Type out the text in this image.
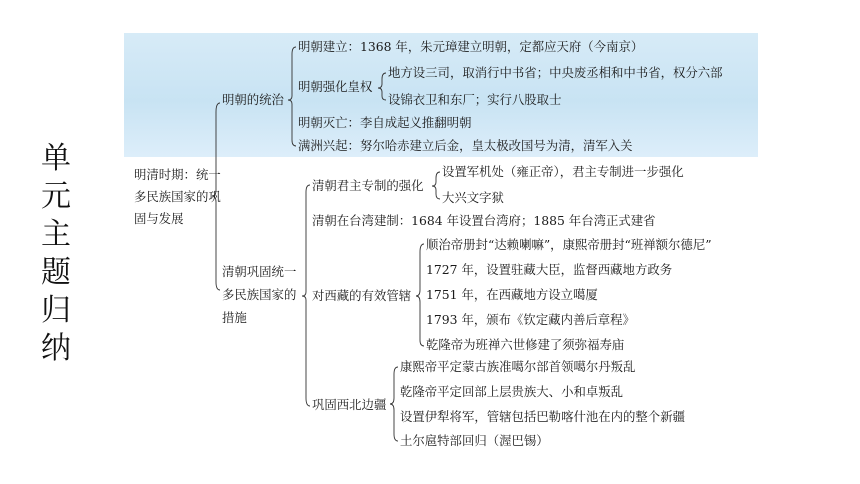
单
元
主
题
归
纳
明清时期：统一多民族国家的巩固与发展
明朝的统治
明朝建立：1368 年，朱元璋建立明朝，定都应天府（今南京）
明朝强化皇权
地方设三司，取消行中书省；中央废丞相和中书省，权分六部
设锦衣卫和东厂；实行八股取士
明朝灭亡：李自成起义推翻明朝
满洲兴起：努尔哈赤建立后金，皇太极改国号为清，清军入关
清朝巩固统一多民族国家的措施
清朝君主专制的强化
设置军机处（雍正帝），君主专制进一步强化
大兴文字狱
清朝在台湾建制：1684 年设置台湾府；1885 年台湾正式建省
对西藏的有效管辖
顺治帝册封“达赖喇嘛”，康熙帝册封“班禅额尔德尼”
1727 年，设置驻藏大臣，监督西藏地方政务
1751 年，在西藏地方设立噶厦
1793 年，颁布《钦定藏内善后章程》
乾隆帝为班禅六世修建了须弥福寿庙
巩固西北边疆
康熙帝平定蒙古族准噶尔部首领噶尔丹叛乱
乾隆帝平定回部上层贵族大、小和卓叛乱
设置伊犁将军，管辖包括巴勒喀什池在内的整个新疆
土尔扈特部回归（渥巴锡）
